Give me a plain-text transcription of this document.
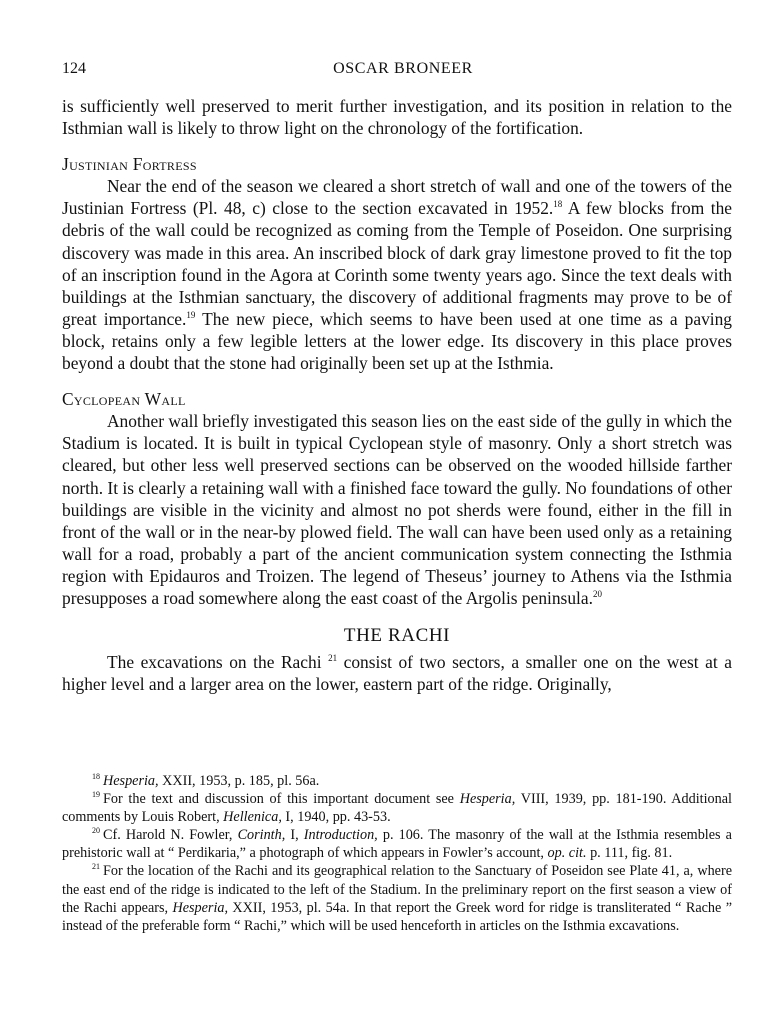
124	OSCAR BRONEER

is sufficiently well preserved to merit further investigation, and its position in relation to the Isthmian wall is likely to throw light on the chronology of the fortification.

Justinian Fortress

Near the end of the season we cleared a short stretch of wall and one of the towers of the Justinian Fortress (Pl. 48, c) close to the section excavated in 1952.18 A few blocks from the debris of the wall could be recognized as coming from the Temple of Poseidon. One surprising discovery was made in this area. An inscribed block of dark gray limestone proved to fit the top of an inscription found in the Agora at Corinth some twenty years ago. Since the text deals with buildings at the Isthmian sanctuary, the discovery of additional fragments may prove to be of great importance.$^{19}$ The new piece, which seems to have been used at one time as a paving block, retains only a few legible letters at the lower edge. Its discovery in this place proves beyond a doubt that the stone had originally been set up at the Isthmia.

Cyclopean Wall

Another wall briefly investigated this season lies on the east side of the gully in which the Stadium is located. It is built in typical Cyclopean style of masonry. Only a short stretch was cleared, but other less well preserved sections can be observed on the wooded hillside farther north. It is clearly a retaining wall with a finished face toward the gully. No foundations of other buildings are visible in the vicinity and almost no pot sherds were found, either in the fill in front of the wall or in the near-by plowed field. The wall can have been used only as a retaining wall for a road, probably a part of the ancient communication system connecting the Isthmia region with Epidauros and Troizen. The legend of Theseus’ journey to Athens via the Isthmia presupposes a road somewhere along the east coast of the Argolis peninsula.$^{20}$

THE RACHI

The excavations on the Rachi $^{21}$ consist of two sectors, a smaller one on the west at a higher level and a larger area on the lower, eastern part of the ridge. Originally,

$^{18}$ Hesperia, XXII, 1953, p. 185, pl. 56a.
$^{19}$ For the text and discussion of this important document see Hesperia, VIII, 1939, pp. 181-190. Additional comments by Louis Robert, Hellenica, I, 1940, pp. 43-53.
$^{20}$ Cf. Harold N. Fowler, Corinth, I, Introduction, p. 106. The masonry of the wall at the Isthmia resembles a prehistoric wall at “ Perdikaria,” a photograph of which appears in Fowler’s account, op. cit. p. 111, fig. 81.
$^{21}$ For the location of the Rachi and its geographical relation to the Sanctuary of Poseidon see Plate 41, a, where the east end of the ridge is indicated to the left of the Stadium. In the preliminary report on the first season a view of the Rachi appears, Hesperia, XXII, 1953, pl. 54a. In that report the Greek word for ridge is transliterated “ Rache ” instead of the preferable form “ Rachi,” which will be used henceforth in articles on the Isthmia excavations.
